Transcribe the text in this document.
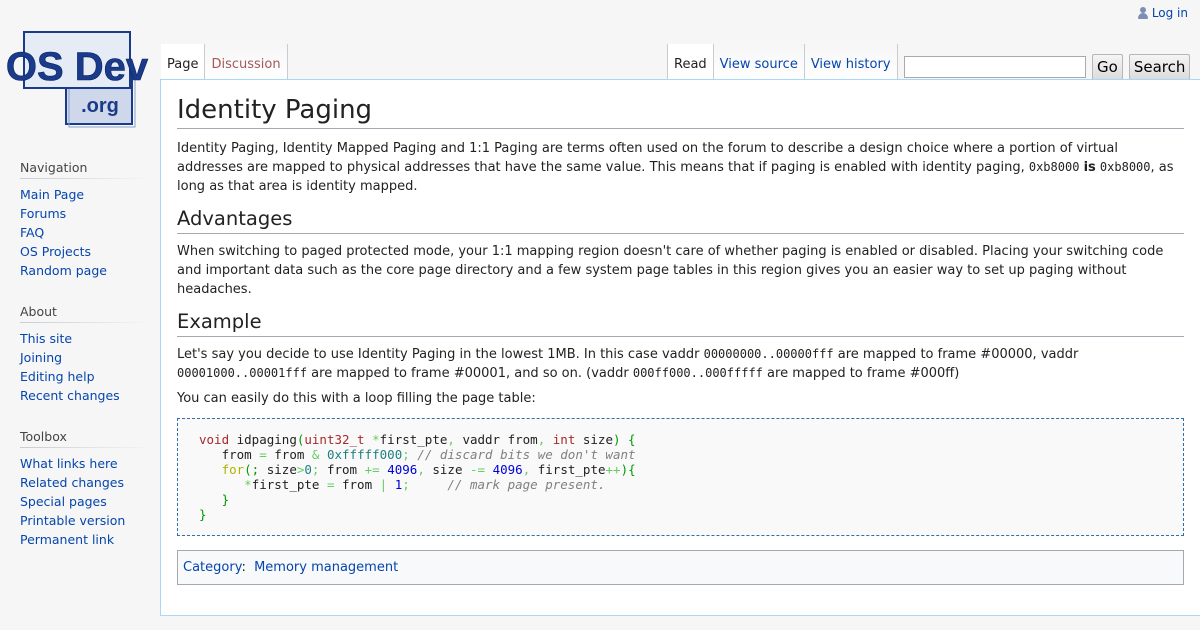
Log in
OS Dev
.org
Navigation
Main Page
Forums
FAQ
OS Projects
Random page
About
This site
Joining
Editing help
Recent changes
Toolbox
What links here
Related changes
Special pages
Printable version
Permanent link
Page	Discussion	Read	View source	View history	Go	Search
Identity Paging

Identity Paging, Identity Mapped Paging and 1:1 Paging are terms often used on the forum to describe a design choice where a portion of virtual addresses are mapped to physical addresses that have the same value. This means that if paging is enabled with identity paging, 0xb8000 is 0xb8000, as long as that area is identity mapped.

Advantages

When switching to paged protected mode, your 1:1 mapping region doesn't care of whether paging is enabled or disabled. Placing your switching code and important data such as the core page directory and a few system page tables in this region gives you an easier way to set up paging without headaches.

Example

Let's say you decide to use Identity Paging in the lowest 1MB. In this case vaddr 00000000..00000fff are mapped to frame #00000, vaddr 00001000..00001fff are mapped to frame #00001, and so on. (vaddr 000ff000..000fffff are mapped to frame #000ff)

You can easily do this with a loop filling the page table:

void idpaging(uint32_t *first_pte, vaddr from, int size) {
from = from & 0xfffff000; // discard bits we don't want
for(; size>0; from += 4096, size -= 4096, first_pte++){
*first_pte = from | 1;     // mark page present.
}
}
Category:  Memory management
